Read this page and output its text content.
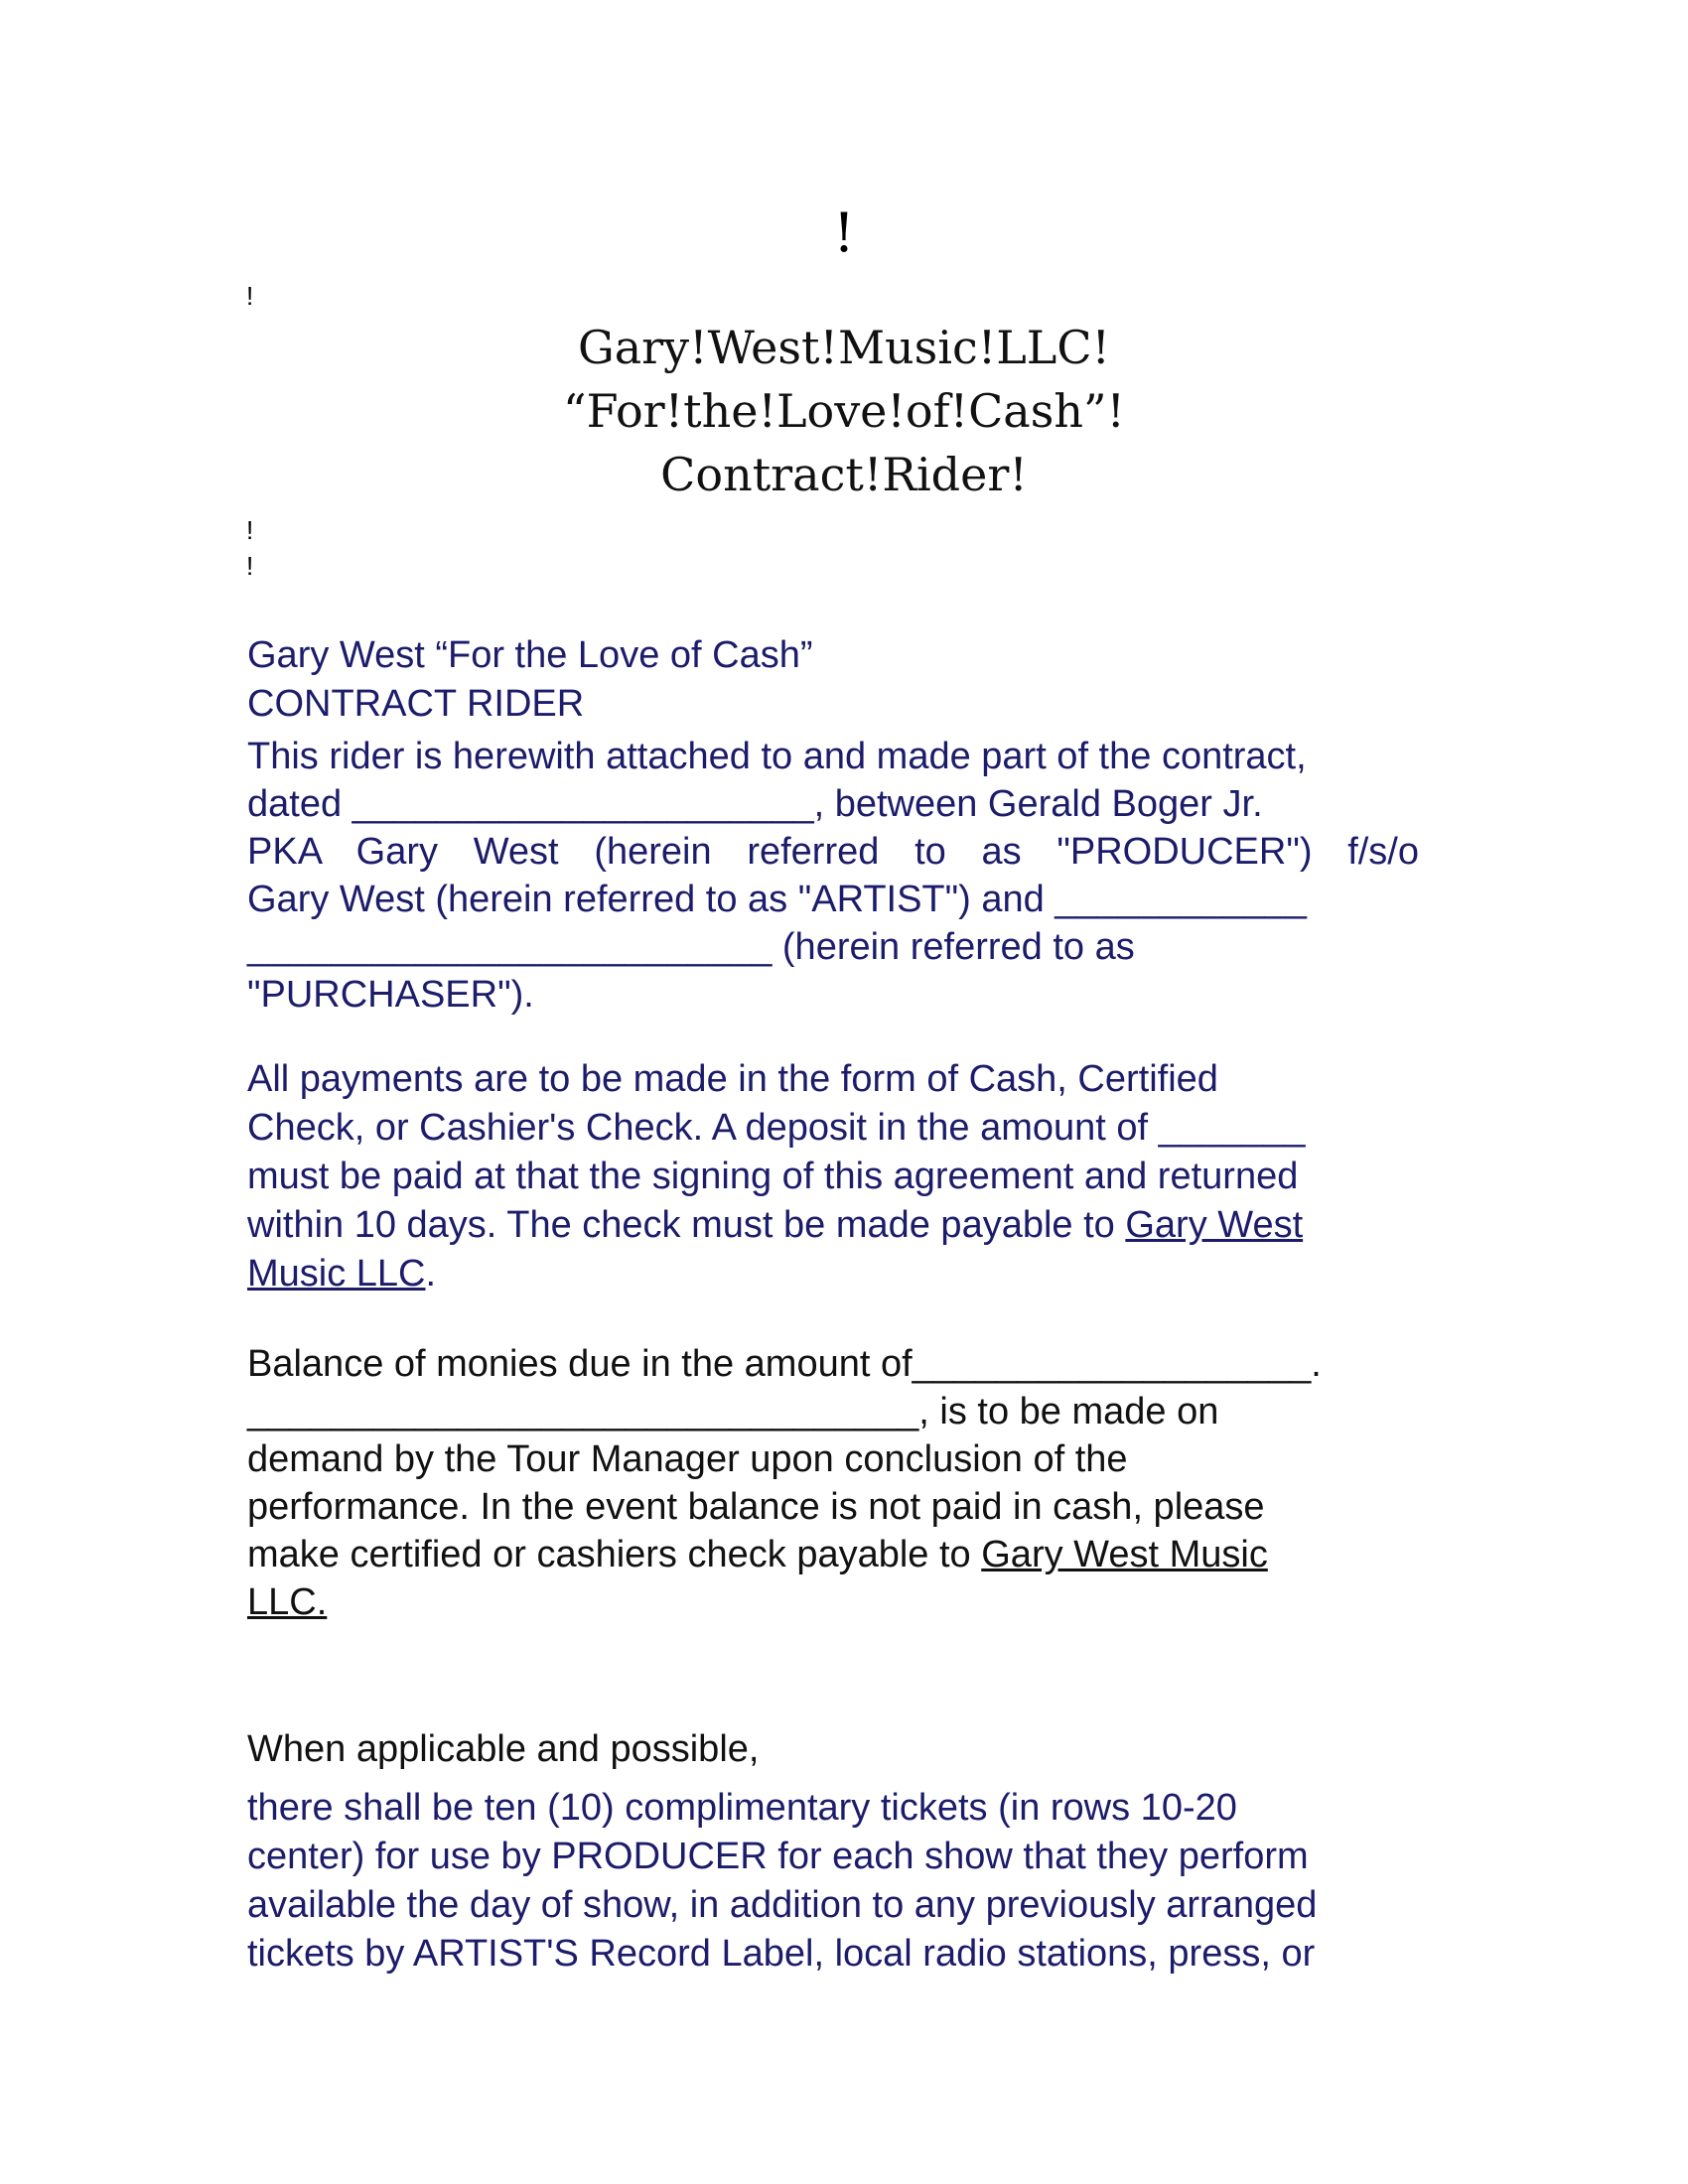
!
!
Gary!West!Music!LLC!
“For!the!Love!of!Cash”!
Contract!Rider!
!
!
Gary West “For the Love of Cash”
CONTRACT RIDER
This rider is herewith attached to and made part of the contract,
dated ______________________, between Gerald Boger Jr.
PKA Gary West (herein referred to as "PRODUCER") f/s/o
Gary West (herein referred to as "ARTIST") and ____________
_________________________ (herein referred to as
"PURCHASER").
All payments are to be made in the form of Cash, Certified
Check, or Cashier's Check. A deposit in the amount of _______
must be paid at that the signing of this agreement and returned
within 10 days. The check must be made payable to Gary West
Music LLC.
Balance of monies due in the amount of___________________.
________________________________, is to be made on
demand by the Tour Manager upon conclusion of the
performance. In the event balance is not paid in cash, please
make certified or cashiers check payable to Gary West Music
LLC.
When applicable and possible,
there shall be ten (10) complimentary tickets (in rows 10-20
center) for use by PRODUCER for each show that they perform
available the day of show, in addition to any previously arranged
tickets by ARTIST'S Record Label, local radio stations, press, or
